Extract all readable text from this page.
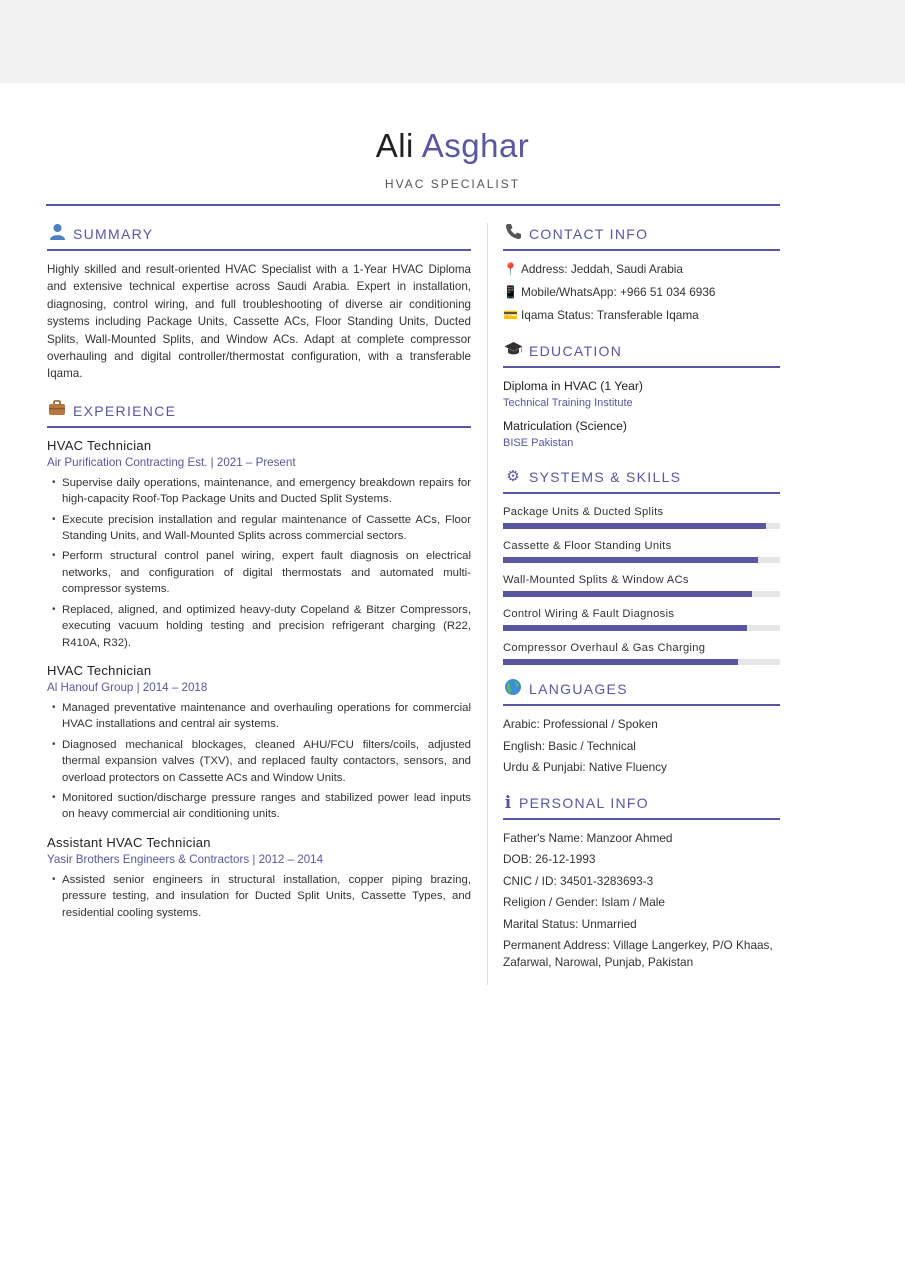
Ali Asghar
HVAC SPECIALIST
SUMMARY

Highly skilled and result-oriented HVAC Specialist with a 1-Year HVAC Diploma and extensive technical expertise across Saudi Arabia. Expert in installation, diagnosing, control wiring, and full troubleshooting of diverse air conditioning systems including Package Units, Cassette ACs, Floor Standing Units, Ducted Splits, Wall-Mounted Splits, and Window ACs. Adapt at complete compressor overhauling and digital controller/thermostat configuration, with a transferable Iqama.

EXPERIENCE
HVAC Technician
Air Purification Contracting Est. | 2021 – Present
• Supervise daily operations, maintenance, and emergency breakdown repairs for high-capacity Roof-Top Package Units and Ducted Split Systems.
• Execute precision installation and regular maintenance of Cassette ACs, Floor Standing Units, and Wall-Mounted Splits across commercial sectors.
• Perform structural control panel wiring, expert fault diagnosis on electrical networks, and configuration of digital thermostats and automated multi-compressor systems.
• Replaced, aligned, and optimized heavy-duty Copeland & Bitzer Compressors, executing vacuum holding testing and precision refrigerant charging (R22, R410A, R32).
HVAC Technician
Al Hanouf Group | 2014 – 2018
• Managed preventative maintenance and overhauling operations for commercial HVAC installations and central air systems.
• Diagnosed mechanical blockages, cleaned AHU/FCU filters/coils, adjusted thermal expansion valves (TXV), and replaced faulty contactors, sensors, and overload protectors on Cassette ACs and Window Units.
• Monitored suction/discharge pressure ranges and stabilized power lead inputs on heavy commercial air conditioning units.
Assistant HVAC Technician
Yasir Brothers Engineers & Contractors | 2012 – 2014
• Assisted senior engineers in structural installation, copper piping brazing, pressure testing, and insulation for Ducted Split Units, Cassette Types, and residential cooling systems.
CONTACT INFO
📍 Address: Jeddah, Saudi Arabia
📱 Mobile/WhatsApp: +966 51 034 6936
💳 Iqama Status: Transferable Iqama
EDUCATION
Diploma in HVAC (1 Year)
Technical Training Institute
Matriculation (Science)
BISE Pakistan
⚙ SYSTEMS & SKILLS
Package Units & Ducted Splits
Cassette & Floor Standing Units
Wall-Mounted Splits & Window ACs
Control Wiring & Fault Diagnosis
Compressor Overhaul & Gas Charging
LANGUAGES
Arabic: Professional / Spoken
English: Basic / Technical
Urdu & Punjabi: Native Fluency
i PERSONAL INFO
Father's Name: Manzoor Ahmed
DOB: 26-12-1993
CNIC / ID: 34501-3283693-3
Religion / Gender: Islam / Male
Marital Status: Unmarried
Permanent Address: Village Langerkey, P/O Khaas, Zafarwal, Narowal, Punjab, Pakistan
